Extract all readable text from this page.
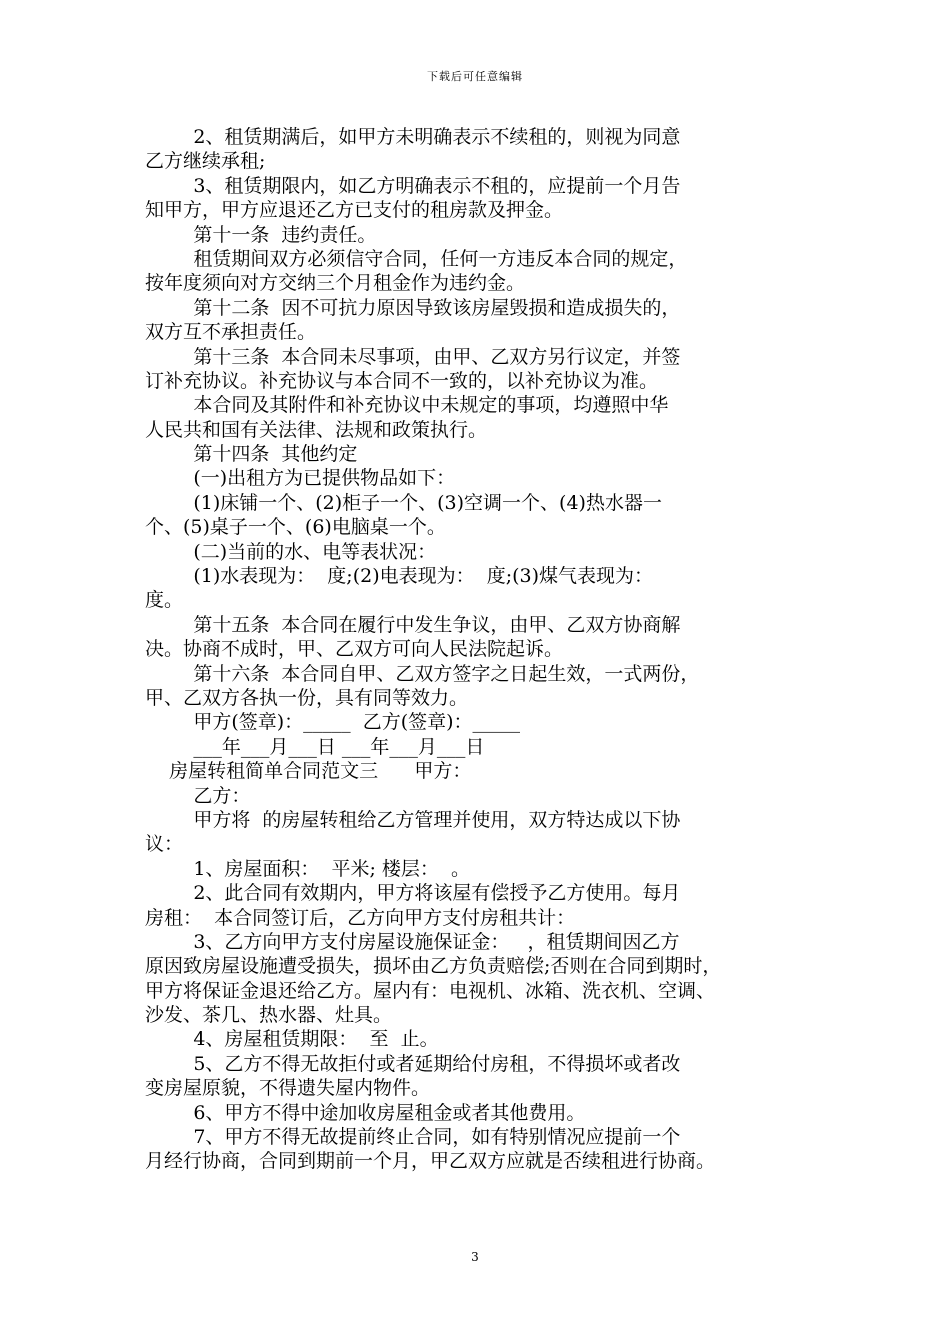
下载后可任意编辑
2、租赁期满后，如甲方未明确表示不续租的，则视为同意
乙方继续承租;
3、租赁期限内，如乙方明确表示不租的，应提前一个月告
知甲方，甲方应退还乙方已支付的租房款及押金。
第十一条  违约责任。
租赁期间双方必须信守合同，任何一方违反本合同的规定，
按年度须向对方交纳三个月租金作为违约金。
第十二条  因不可抗力原因导致该房屋毁损和造成损失的，
双方互不承担责任。
第十三条  本合同未尽事项，由甲、乙双方另行议定，并签
订补充协议。补充协议与本合同不一致的，以补充协议为准。
本合同及其附件和补充协议中未规定的事项，均遵照中华
人民共和国有关法律、法规和政策执行。
第十四条  其他约定
(一)出租方为已提供物品如下：
(1)床铺一个、(2)柜子一个、(3)空调一个、(4)热水器一
个、(5)桌子一个、(6)电脑桌一个。
(二)当前的水、电等表状况：
(1)水表现为：  度;(2)电表现为：  度;(3)煤气表现为：
度。
第十五条  本合同在履行中发生争议，由甲、乙双方协商解
决。协商不成时，甲、乙双方可向人民法院起诉。
第十六条  本合同自甲、乙双方签字之日起生效，一式两份，
甲、乙双方各执一份，具有同等效力。
甲方(签章)：_____  乙方(签章)：_____
___年___月___日 ___年___月___日
房屋转租简单合同范文三      甲方：
乙方：
甲方将  的房屋转租给乙方管理并使用，双方特达成以下协
议：
1、房屋面积：  平米; 楼层：  。
2、此合同有效期内，甲方将该屋有偿授予乙方使用。每月
房租：  本合同签订后，乙方向甲方支付房租共计：
3、乙方向甲方支付房屋设施保证金：   ，租赁期间因乙方
原因致房屋设施遭受损失，损坏由乙方负责赔偿;否则在合同到期时，
甲方将保证金退还给乙方。屋内有：电视机、冰箱、洗衣机、空调、
沙发、茶几、热水器、灶具。
4、房屋租赁期限：  至  止。
5、乙方不得无故拒付或者延期给付房租，不得损坏或者改
变房屋原貌，不得遗失屋内物件。
6、甲方不得中途加收房屋租金或者其他费用。
7、甲方不得无故提前终止合同，如有特别情况应提前一个
月经行协商，合同到期前一个月，甲乙双方应就是否续租进行协商。
3
